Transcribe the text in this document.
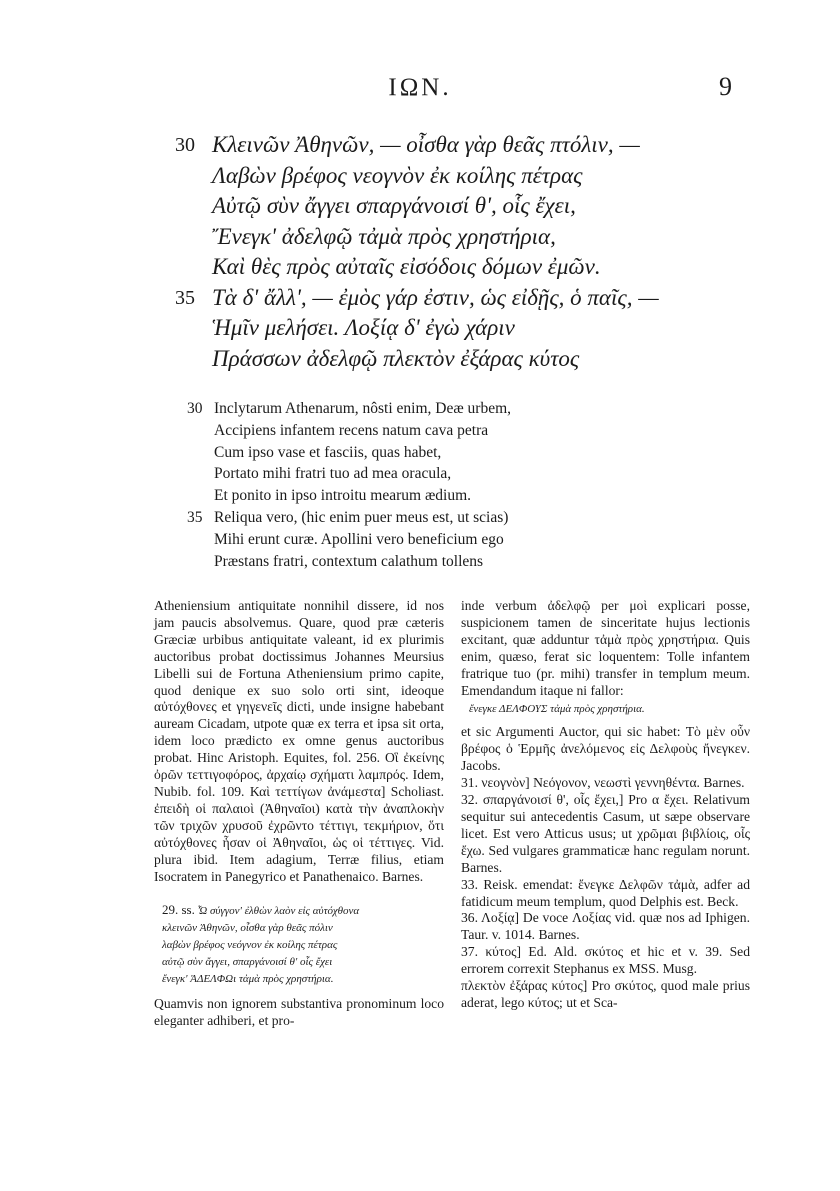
ΙΩΝ.	9
30 Κλεινῶν Ἀθηνῶν, — οἶσθα γὰρ θεᾶς πτόλιν, —
Λαβὼν βρέφος νεογνὸν ἐκ κοίλης πέτρας
Αὐτῷ σὺν ἄγγει σπαργάνοισί θ', οἷς ἔχει,
Ἔνεγκ' ἀδελφῷ τἀμὰ πρὸς χρηστήρια,
Καὶ θὲς πρὸς αὐταῖς εἰσόδοις δόμων ἐμῶν.
35 Τὰ δ' ἄλλ', — ἐμὸς γάρ ἐστιν, ὡς εἰδῇς, ὁ παῖς, —
Ἡμῖν μελήσει. Λοξίᾳ δ' ἐγὼ χάριν
Πράσσων ἀδελφῷ πλεκτὸν ἐξάρας κύτος
30 Inclytarum Athenarum, nôsti enim, Deæ urbem,
Accipiens infantem recens natum cava petra
Cum ipso vase et fasciis, quas habet,
Portato mihi fratri tuo ad mea oracula,
Et ponito in ipso introitu mearum ædium.
35 Reliqua vero, (hic enim puer meus est, ut scias)
Mihi erunt curæ. Apollini vero beneficium ego
Præstans fratri, contextum calathum tollens

Atheniensium antiquitate nonnihil dissere, id nos jam paucis absolvemus. Quare, quod præ cæteris Græciæ urbibus antiquitate valeant, id ex plurimis auctoribus probat doctissimus Johannes Meursius Libelli sui de Fortuna Atheniensium primo capite, quod denique ex suo solo orti sint, ideoque αὐτόχθονες et γηγενεῖς dicti, unde insigne habebant auream Cicadam, utpote quæ ex terra et ipsa sit orta, idem loco prædicto ex omne genus auctoribus probat. Hinc Aristoph. Equites, fol. 256. Οἳ ἐκείνης ὀρῶν τεττιγοφόρος, ἀρχαίῳ σχήματι λαμπρός. Idem, Nubib. fol. 109. Καὶ τεττίγων ἀνάμεστα] Scholiast. ἐπειδὴ οἱ παλαιοὶ (Ἀθηναῖοι) κατὰ τὴν ἀναπλοκὴν τῶν τριχῶν χρυσοῦ ἐχρῶντο τέττιγι, τεκμήριον, ὅτι αὐτόχθονες ἦσαν οἱ Ἀθηναῖοι, ὡς οἱ τέττιγες. Vid. plura ibid. Item adagium, Terræ filius, etiam Isocratem in Panegyrico et Panathenaico. Barnes.

29. ss. Ὦ σύγγον' ἐλθὼν λαὸν εἰς αὐτόχθονα
κλεινῶν Ἀθηνῶν, οἶσθα γὰρ θεᾶς πόλιν
λαβὼν βρέφος νεόγνον ἐκ κοίλης πέτρας
αὐτῷ σὺν ἄγγει, σπαργάνοισί θ' οἷς ἔχει
ἔνεγκ' ἈΔΕΛΦΩι τἀμὰ πρὸς χρηστήρια.

Quamvis non ignorem substantiva pronominum loco eleganter adhiberi, et pro-

inde verbum ἀδελφῷ per μοὶ explicari posse, suspicionem tamen de sinceritate hujus lectionis excitant, quæ adduntur τἀμὰ πρὸς χρηστήρια. Quis enim, quæso, ferat sic loquentem: Tolle infantem fratrique tuo (pr. mihi) transfer in templum meum. Emendandum itaque ni fallor:

ἔνεγκε ΔΕΛΦΟΥΣ τἀμὰ πρὸς χρηστήρια.

et sic Argumenti Auctor, qui sic habet: Τὸ μὲν οὖν βρέφος ὁ Ἑρμῆς ἀνελόμενος εἰς Δελφοὺς ἤνεγκεν. Jacobs.

31. νεογνὸν] Νεόγονον, νεωστὶ γεννηθέντα. Barnes.

32. σπαργάνοισί θ', οἷς ἔχει,] Pro α ἔχει. Relativum sequitur sui antecedentis Casum, ut sæpe observare licet. Est vero Atticus usus; ut χρῶμαι βιβλίοις, οἷς ἔχω. Sed vulgares grammaticæ hanc regulam norunt. Barnes.

33. Reisk. emendat: ἔνεγκε Δελφῶν τἀμὰ, adfer ad fatidicum meum templum, quod Delphis est. Beck.

36. Λοξίᾳ] De voce Λοξίας vid. quæ nos ad Iphigen. Taur. v. 1014. Barnes.

37. κύτος] Ed. Ald. σκύτος et hic et v. 39. Sed errorem correxit Stephanus ex MSS. Musg.

πλεκτὸν ἐξάρας κύτος] Pro σκύτος, quod male prius aderat, lego κύτος; ut et Sca-
